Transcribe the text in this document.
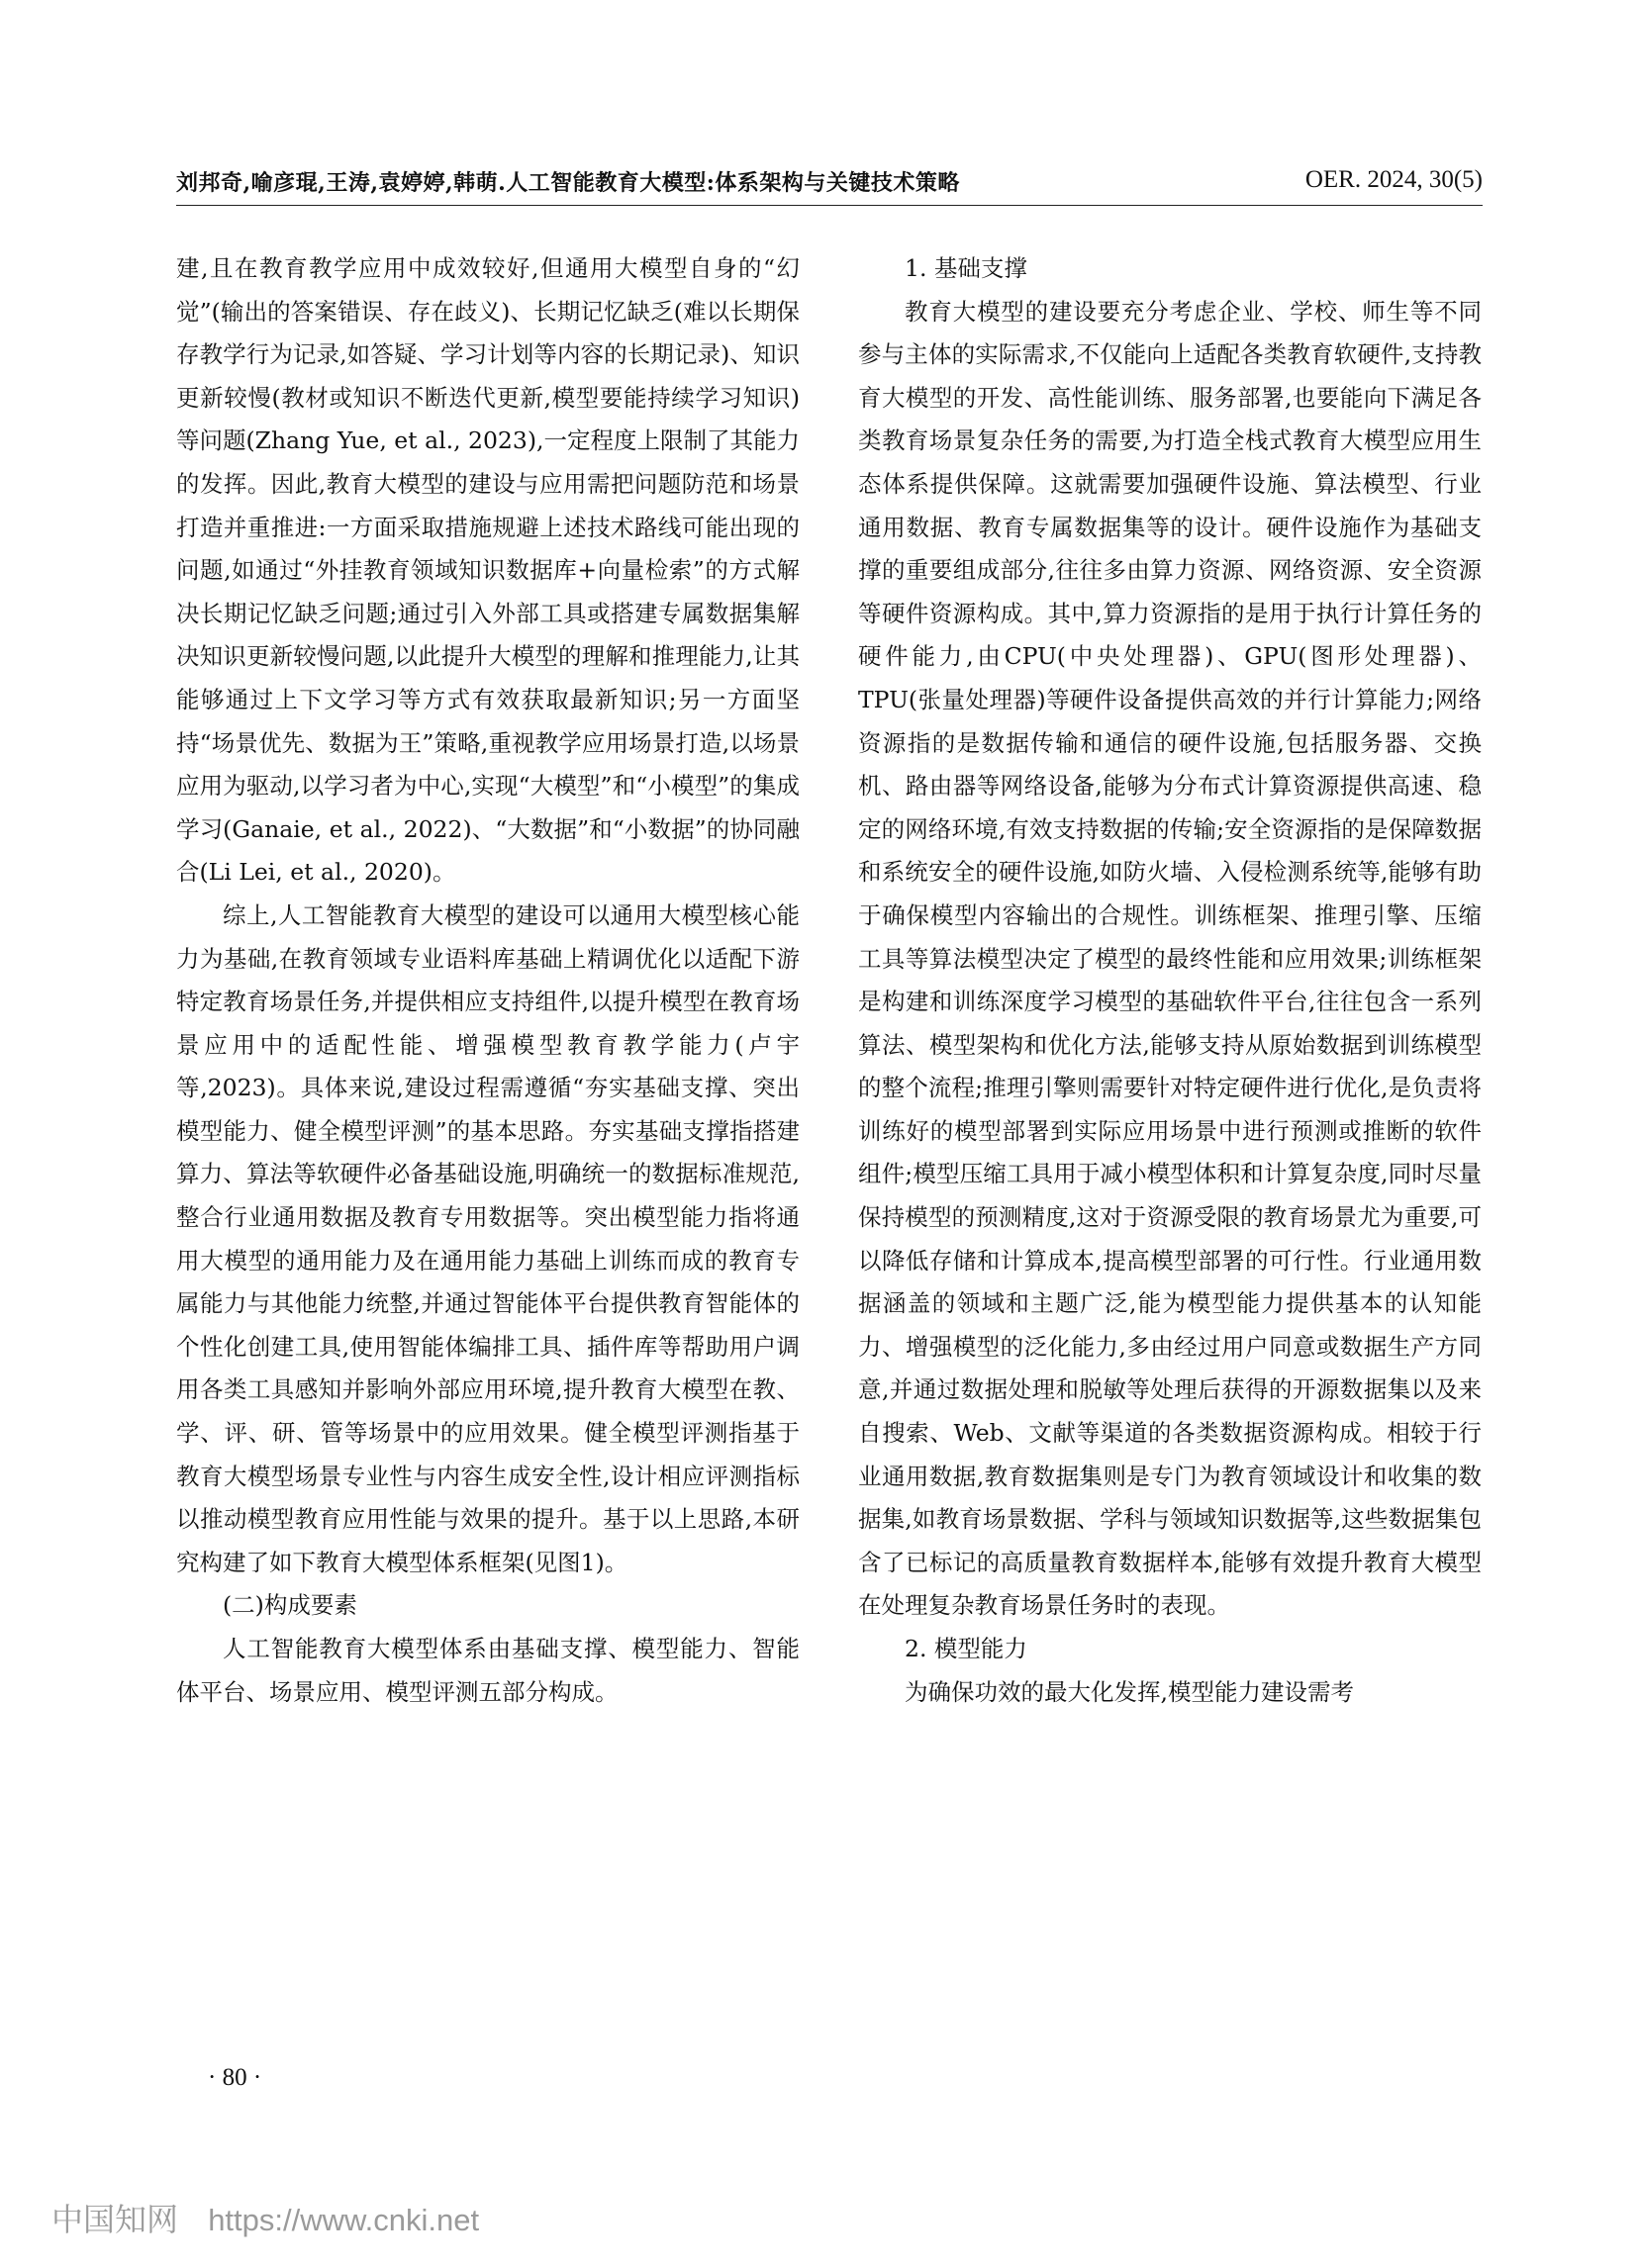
刘邦奇,喻彦琨,王涛,袁婷婷,韩萌.人工智能教育大模型:体系架构与关键技术策略	OER. 2024, 30(5)

建,且在教育教学应用中成效较好,但通用大模型自身的“幻觉”(输出的答案错误、存在歧义)、长期记忆缺乏(难以长期保存教学行为记录,如答疑、学习计划等内容的长期记录)、知识更新较慢(教材或知识不断迭代更新,模型要能持续学习知识)等问题(Zhang Yue, et al., 2023),一定程度上限制了其能力的发挥。因此,教育大模型的建设与应用需把问题防范和场景打造并重推进:一方面采取措施规避上述技术路线可能出现的问题,如通过“外挂教育领域知识数据库+向量检索”的方式解决长期记忆缺乏问题;通过引入外部工具或搭建专属数据集解决知识更新较慢问题,以此提升大模型的理解和推理能力,让其能够通过上下文学习等方式有效获取最新知识;另一方面坚持“场景优先、数据为王”策略,重视教学应用场景打造,以场景应用为驱动,以学习者为中心,实现“大模型”和“小模型”的集成学习(Ganaie, et al., 2022)、“大数据”和“小数据”的协同融合(Li Lei, et al., 2020)。

综上,人工智能教育大模型的建设可以通用大模型核心能力为基础,在教育领域专业语料库基础上精调优化以适配下游特定教育场景任务,并提供相应支持组件,以提升模型在教育场景应用中的适配性能、增强模型教育教学能力(卢宇等,2023)。具体来说,建设过程需遵循“夯实基础支撑、突出模型能力、健全模型评测”的基本思路。夯实基础支撑指搭建算力、算法等软硬件必备基础设施,明确统一的数据标准规范,整合行业通用数据及教育专用数据等。突出模型能力指将通用大模型的通用能力及在通用能力基础上训练而成的教育专属能力与其他能力统整,并通过智能体平台提供教育智能体的个性化创建工具,使用智能体编排工具、插件库等帮助用户调用各类工具感知并影响外部应用环境,提升教育大模型在教、学、评、研、管等场景中的应用效果。健全模型评测指基于教育大模型场景专业性与内容生成安全性,设计相应评测指标以推动模型教育应用性能与效果的提升。基于以上思路,本研究构建了如下教育大模型体系框架(见图1)。

(二)构成要素

人工智能教育大模型体系由基础支撑、模型能力、智能体平台、场景应用、模型评测五部分构成。

1. 基础支撑

教育大模型的建设要充分考虑企业、学校、师生等不同参与主体的实际需求,不仅能向上适配各类教育软硬件,支持教育大模型的开发、高性能训练、服务部署,也要能向下满足各类教育场景复杂任务的需要,为打造全栈式教育大模型应用生态体系提供保障。这就需要加强硬件设施、算法模型、行业通用数据、教育专属数据集等的设计。硬件设施作为基础支撑的重要组成部分,往往多由算力资源、网络资源、安全资源等硬件资源构成。其中,算力资源指的是用于执行计算任务的硬件能力,由CPU(中央处理器)、GPU(图形处理器)、TPU(张量处理器)等硬件设备提供高效的并行计算能力;网络资源指的是数据传输和通信的硬件设施,包括服务器、交换机、路由器等网络设备,能够为分布式计算资源提供高速、稳定的网络环境,有效支持数据的传输;安全资源指的是保障数据和系统安全的硬件设施,如防火墙、入侵检测系统等,能够有助于确保模型内容输出的合规性。训练框架、推理引擎、压缩工具等算法模型决定了模型的最终性能和应用效果;训练框架是构建和训练深度学习模型的基础软件平台,往往包含一系列算法、模型架构和优化方法,能够支持从原始数据到训练模型的整个流程;推理引擎则需要针对特定硬件进行优化,是负责将训练好的模型部署到实际应用场景中进行预测或推断的软件组件;模型压缩工具用于减小模型体积和计算复杂度,同时尽量保持模型的预测精度,这对于资源受限的教育场景尤为重要,可以降低存储和计算成本,提高模型部署的可行性。行业通用数据涵盖的领域和主题广泛,能为模型能力提供基本的认知能力、增强模型的泛化能力,多由经过用户同意或数据生产方同意,并通过数据处理和脱敏等处理后获得的开源数据集以及来自搜索、Web、文献等渠道的各类数据资源构成。相较于行业通用数据,教育数据集则是专门为教育领域设计和收集的数据集,如教育场景数据、学科与领域知识数据等,这些数据集包含了已标记的高质量教育数据样本,能够有效提升教育大模型在处理复杂教育场景任务时的表现。

2. 模型能力

为确保功效的最大化发挥,模型能力建设需考

· 80 ·
中国知网 https://www.cnki.net
